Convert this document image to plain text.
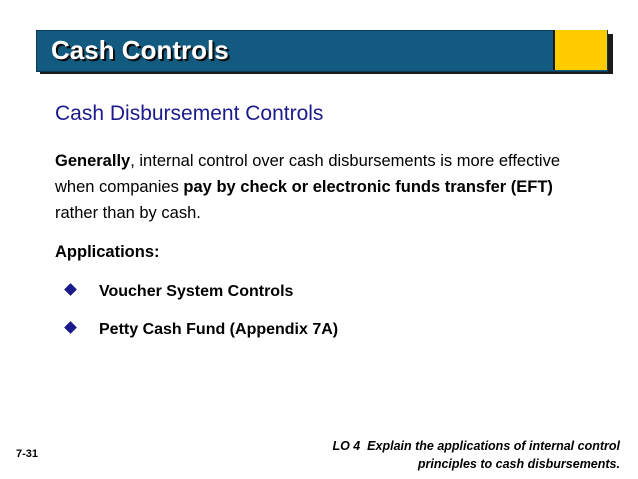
Cash Controls
Cash Disbursement Controls
Generally, internal control over cash disbursements is more effective when companies pay by check or electronic funds transfer (EFT) rather than by cash.
Applications:
Voucher System Controls
Petty Cash Fund (Appendix 7A)
7-31
LO 4  Explain the applications of internal control
principles to cash disbursements.
